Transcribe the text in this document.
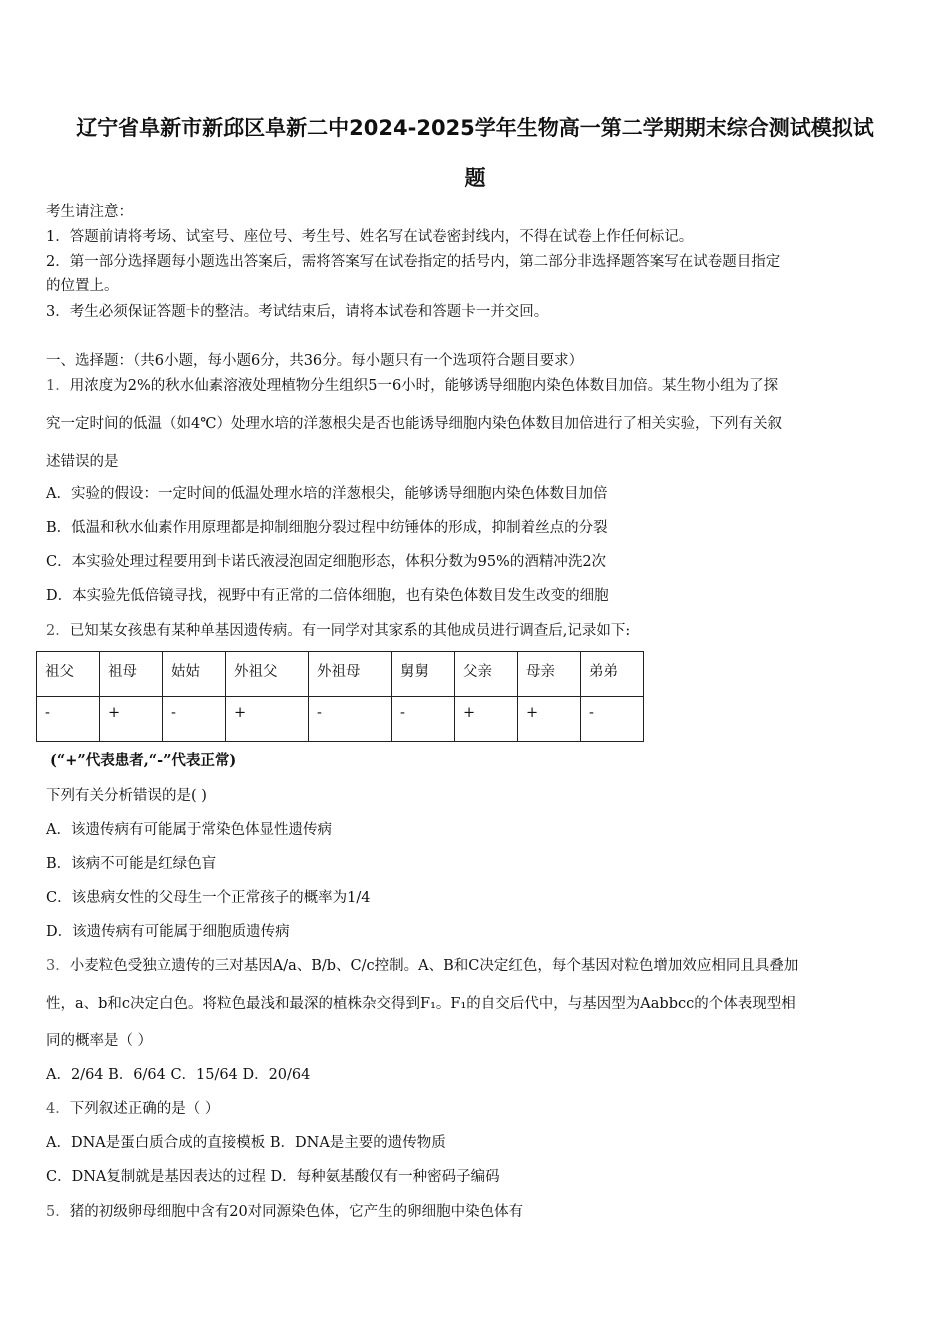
辽宁省阜新市新邱区阜新二中2024-2025学年生物高一第二学期期末综合测试模拟试
题
考生请注意：
1．答题前请将考场、试室号、座位号、考生号、姓名写在试卷密封线内，不得在试卷上作任何标记。
2．第一部分选择题每小题选出答案后，需将答案写在试卷指定的括号内，第二部分非选择题答案写在试卷题目指定
的位置上。
3．考生必须保证答题卡的整洁。考试结束后，请将本试卷和答题卡一并交回。
一、选择题：（共6小题，每小题6分，共36分。每小题只有一个选项符合题目要求）
1．用浓度为2%的秋水仙素溶液处理植物分生组织5一6小时，能够诱导细胞内染色体数目加倍。某生物小组为了探
究一定时间的低温（如4℃）处理水培的洋葱根尖是否也能诱导细胞内染色体数目加倍进行了相关实验，下列有关叙
述错误的是
A．实验的假设：一定时间的低温处理水培的洋葱根尖，能够诱导细胞内染色体数目加倍
B．低温和秋水仙素作用原理都是抑制细胞分裂过程中纺锤体的形成，抑制着丝点的分裂
C．本实验处理过程要用到卡诺氏液浸泡固定细胞形态，体积分数为95%的酒精冲洗2次
D．本实验先低倍镜寻找，视野中有正常的二倍体细胞，也有染色体数目发生改变的细胞
2．已知某女孩患有某种单基因遗传病。有一同学对其家系的其他成员进行调查后,记录如下:
祖父	祖母	姑姑	外祖父	外祖母	舅舅	父亲	母亲	弟弟
-	+	-	+	-	-	+	+	-
(“+”代表患者,“-”代表正常)
下列有关分析错误的是( )
A．该遗传病有可能属于常染色体显性遗传病
B．该病不可能是红绿色盲
C．该患病女性的父母生一个正常孩子的概率为1/4
D．该遗传病有可能属于细胞质遗传病
3．小麦粒色受独立遗传的三对基因A/a、B/b、C/c控制。A、B和C决定红色，每个基因对粒色增加效应相同且具叠加
性，a、b和c决定白色。将粒色最浅和最深的植株杂交得到F₁。F₁的自交后代中，与基因型为Aabbcc的个体表现型相
同的概率是（ ）
A．2/64 B．6/64 C．15/64 D．20/64
4．下列叙述正确的是（ ）
A．DNA是蛋白质合成的直接模板 B．DNA是主要的遗传物质
C．DNA复制就是基因表达的过程 D．每种氨基酸仅有一种密码子编码
5．猪的初级卵母细胞中含有20对同源染色体，它产生的卵细胞中染色体有
